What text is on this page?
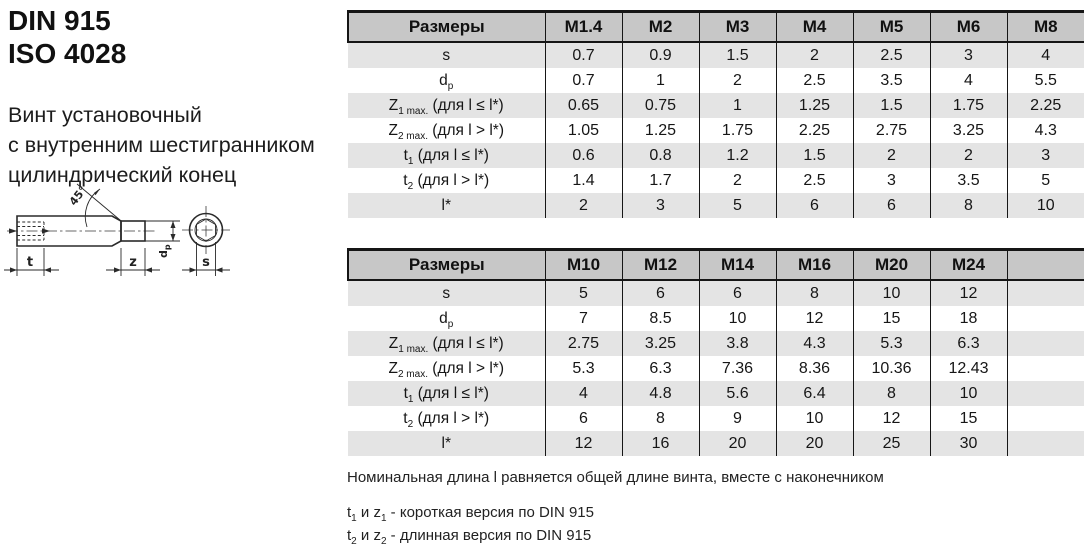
DIN 915
ISO 4028
Винт установочный
с внутренним шестигранником
цилиндрический конец
t	z
$d_p$
45°
s
Размеры	M1.4	M2	M3	M4	M5	M6	M8
s	0.7	0.9	1.5	2	2.5	3	4
$d_p$	0.7	1	2	2.5	3.5	4	5.5
$Z_{1 max.}$ (для l ≤ l*)	0.65	0.75	1	1.25	1.5	1.75	2.25
$Z_{2 max.}$ (для l > l*)	1.05	1.25	1.75	2.25	2.75	3.25	4.3
$t_1$ (для l ≤ l*)	0.6	0.8	1.2	1.5	2	2	3
$t_2$ (для l > l*)	1.4	1.7	2	2.5	3	3.5	5
l*	2	3	5	6	6	8	10
Размеры	M10	M12	M14	M16	M20	M24	
s	5	6	6	8	10	12	
$d_p$	7	8.5	10	12	15	18	
$Z_{1 max.}$ (для l ≤ l*)	2.75	3.25	3.8	4.3	5.3	6.3	
$Z_{2 max.}$ (для l > l*)	5.3	6.3	7.36	8.36	10.36	12.43	
$t_1$ (для l ≤ l*)	4	4.8	5.6	6.4	8	10	
$t_2$ (для l > l*)	6	8	9	10	12	15	
l*	12	16	20	20	25	30	
Номинальная длина l равняется общей длине винта, вместе с наконечником
$t_1$ и $z_1$ - короткая версия по DIN 915
$t_2$ и $z_2$ - длинная версия по DIN 915
